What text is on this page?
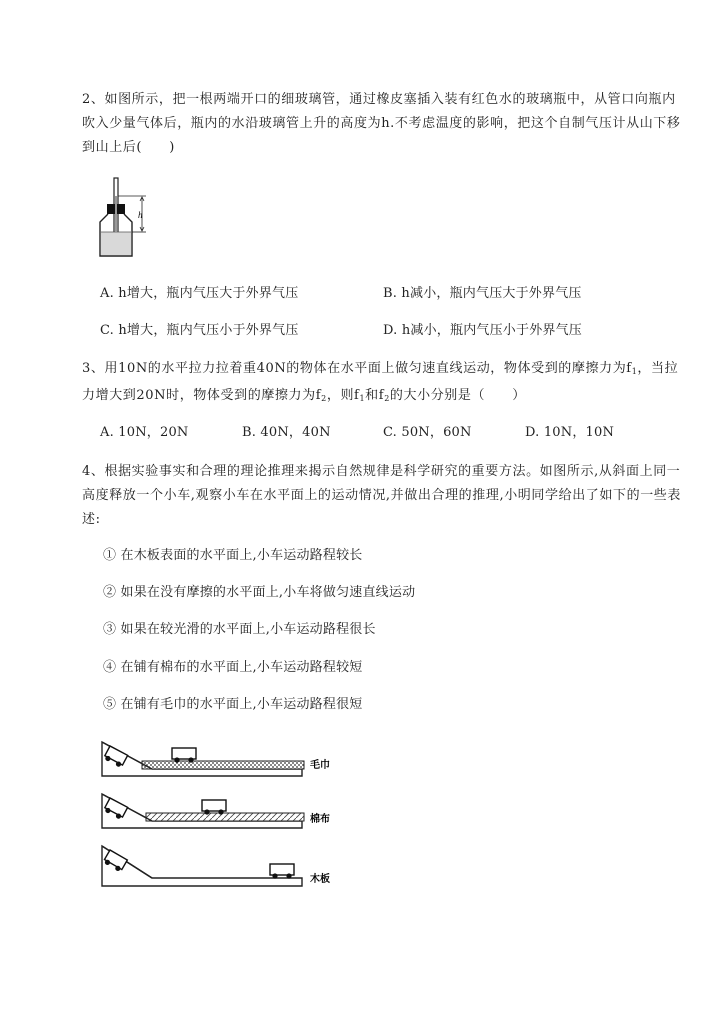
2、如图所示，把一根两端开口的细玻璃管，通过橡皮塞插入装有红色水的玻璃瓶中，从管口向瓶内吹入少量气体后，瓶内的水沿玻璃管上升的高度为h.不考虑温度的影响，把这个自制气压计从山下移到山上后(　　)
h
A. h增大，瓶内气压大于外界气压	B. h减小，瓶内气压大于外界气压
C. h增大，瓶内气压小于外界气压	D. h减小，瓶内气压小于外界气压
3、用10N的水平拉力拉着重40N的物体在水平面上做匀速直线运动，物体受到的摩擦力为$f_1$，当拉力增大到20N时，物体受到的摩擦力为$f_2$，则$f_1$和$f_2$的大小分别是（　　）
A. 10N，20N	B. 40N，40N	C. 50N，60N	D. 10N，10N
4、根据实验事实和合理的理论推理来揭示自然规律是科学研究的重要方法。如图所示,从斜面上同一高度释放一个小车,观察小车在水平面上的运动情况,并做出合理的推理,小明同学给出了如下的一些表述:
① 在木板表面的水平面上,小车运动路程较长
② 如果在没有摩擦的水平面上,小车将做匀速直线运动
③ 如果在较光滑的水平面上,小车运动路程很长
④ 在铺有棉布的水平面上,小车运动路程较短
⑤ 在铺有毛巾的水平面上,小车运动路程很短
毛巾
棉布
木板
